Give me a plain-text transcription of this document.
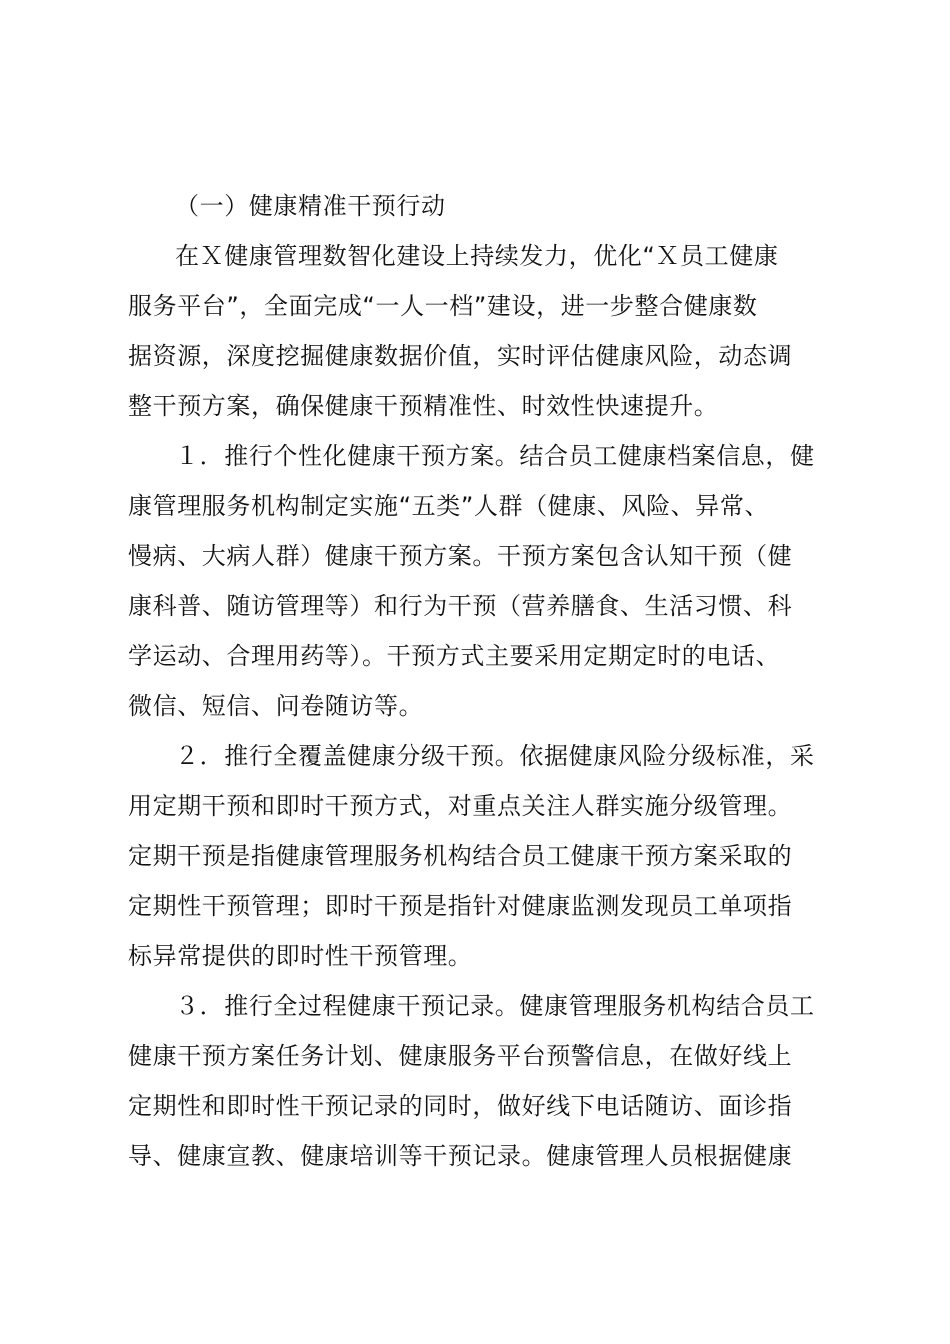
（一）健康精准干预行动
在Ｘ健康管理数智化建设上持续发力，优化“Ｘ员工健康
服务平台”，全面完成“一人一档”建设，进一步整合健康数
据资源，深度挖掘健康数据价值，实时评估健康风险，动态调
整干预方案，确保健康干预精准性、时效性快速提升。
１．推行个性化健康干预方案。结合员工健康档案信息，健
康管理服务机构制定实施“五类”人群（健康、风险、异常、
慢病、大病人群）健康干预方案。干预方案包含认知干预（健
康科普、随访管理等）和行为干预（营养膳食、生活习惯、科
学运动、合理用药等）。干预方式主要采用定期定时的电话、
微信、短信、问卷随访等。
２．推行全覆盖健康分级干预。依据健康风险分级标准，采
用定期干预和即时干预方式，对重点关注人群实施分级管理。
定期干预是指健康管理服务机构结合员工健康干预方案采取的
定期性干预管理；即时干预是指针对健康监测发现员工单项指
标异常提供的即时性干预管理。
３．推行全过程健康干预记录。健康管理服务机构结合员工
健康干预方案任务计划、健康服务平台预警信息，在做好线上
定期性和即时性干预记录的同时，做好线下电话随访、面诊指
导、健康宣教、健康培训等干预记录。健康管理人员根据健康
